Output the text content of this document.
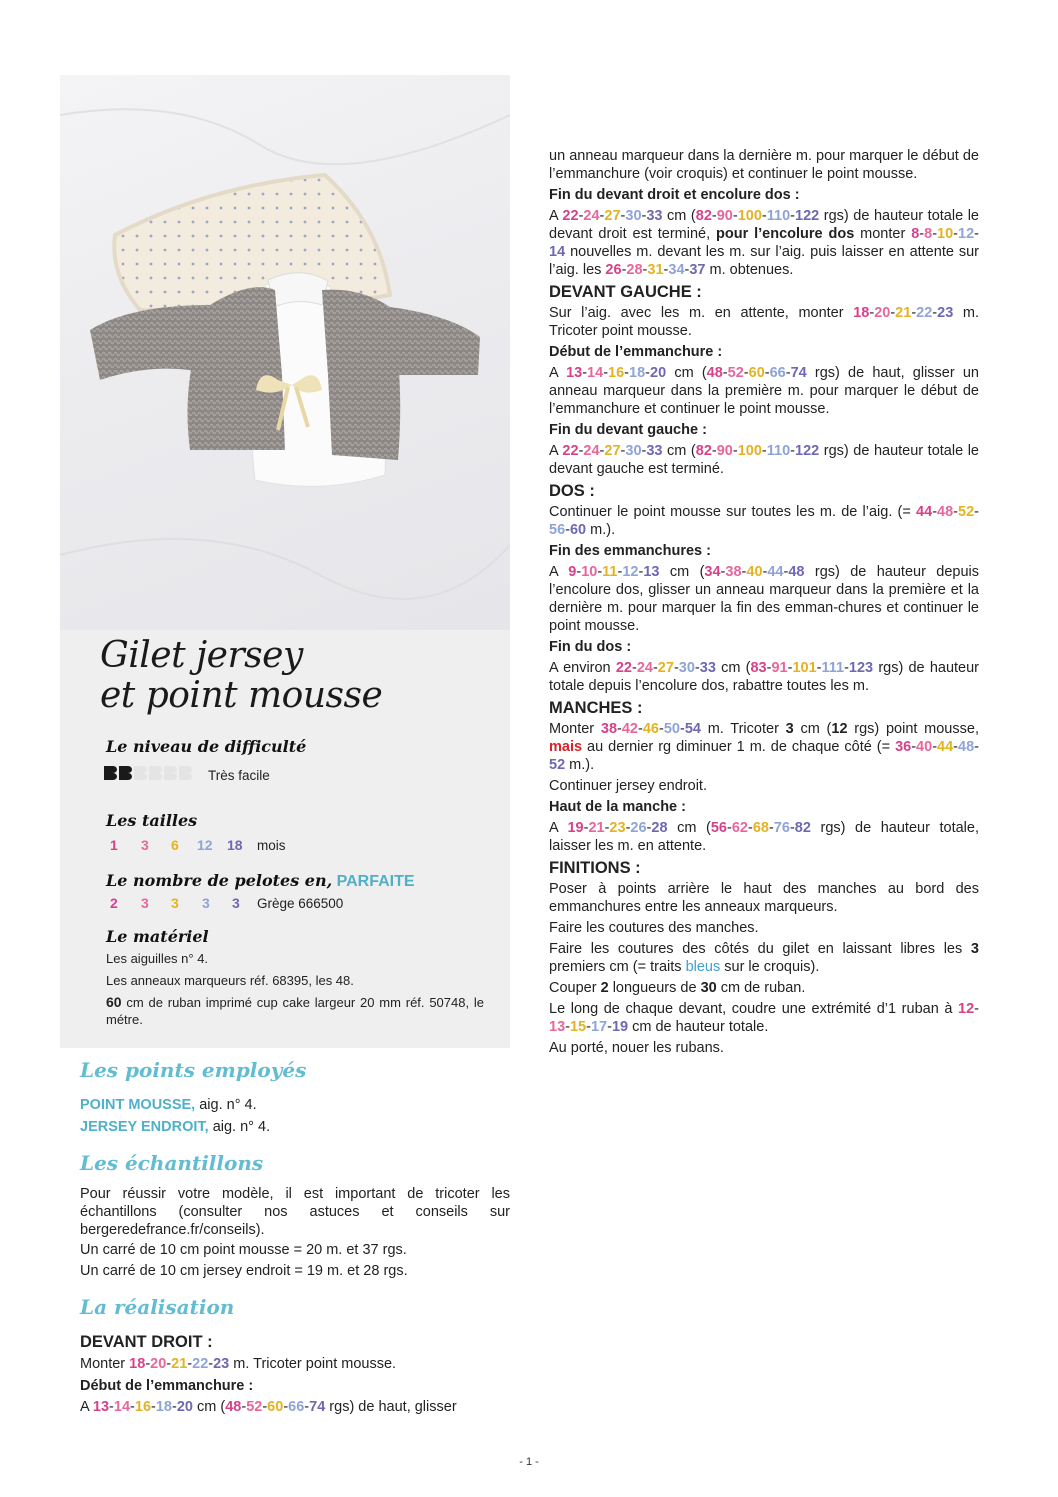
Gilet jersey
et point mousse
Le niveau de difficulté
Très facile
Les tailles
1 3 6 12 18 mois
Le nombre de pelotes en, PARFAITE
2 3 3 3 3 Grège 666500
Le matériel
Les aiguilles n° 4.
Les anneaux marqueurs réf. 68395, les 48.
60 cm de ruban imprimé cup cake largeur 20 mm réf. 50748, le métre.
Les points employés
POINT MOUSSE, aig. n° 4.
JERSEY ENDROIT, aig. n° 4.
Les échantillons
Pour réussir votre modèle, il est important de tricoter les échantillons (consulter nos astuces et conseils sur bergeredefrance.fr/conseils).
Un carré de 10 cm point mousse = 20 m. et 37 rgs.
Un carré de 10 cm jersey endroit = 19 m. et 28 rgs.
La réalisation
DEVANT DROIT :
Monter 18-20-21-22-23 m. Tricoter point mousse.
Début de l’emmanchure :
A 13-14-16-18-20 cm (48-52-60-66-74 rgs) de haut, glisser

un anneau marqueur dans la dernière m. pour marquer le début de l’emmanchure (voir croquis) et continuer le point mousse.

Fin du devant droit et encolure dos :

A 22-24-27-30-33 cm (82-90-100-110-122 rgs) de hauteur totale le devant droit est terminé, pour l’encolure dos monter 8-8-10-12-14 nouvelles m. devant les m. sur l’aig. puis laisser en attente sur l’aig. les 26-28-31-34-37 m. obtenues.

DEVANT GAUCHE :

Sur l’aig. avec les m. en attente, monter 18-20-21-22-23 m. Tricoter point mousse.

Début de l’emmanchure :

A 13-14-16-18-20 cm (48-52-60-66-74 rgs) de haut, glisser un anneau marqueur dans la première m. pour marquer le début de l’emmanchure et continuer le point mousse.

Fin du devant gauche :

A 22-24-27-30-33 cm (82-90-100-110-122 rgs) de hauteur totale le devant gauche est terminé.

DOS :

Continuer le point mousse sur toutes les m. de l’aig. (= 44-48-52-56-60 m.).

Fin des emmanchures :

A 9-10-11-12-13 cm (34-38-40-44-48 rgs) de hauteur depuis l’encolure dos, glisser un anneau marqueur dans la première et la dernière m. pour marquer la fin des emman-chures et continuer le point mousse.

Fin du dos :

A environ 22-24-27-30-33 cm (83-91-101-111-123 rgs) de hauteur totale depuis l’encolure dos, rabattre toutes les m.

MANCHES :

Monter 38-42-46-50-54 m. Tricoter 3 cm (12 rgs) point mousse, mais au dernier rg diminuer 1 m. de chaque côté (= 36-40-44-48-52 m.).

Continuer jersey endroit.

Haut de la manche :

A 19-21-23-26-28 cm (56-62-68-76-82 rgs) de hauteur totale, laisser les m. en attente.

FINITIONS :

Poser à points arrière le haut des manches au bord des emmanchures entre les anneaux marqueurs.

Faire les coutures des manches.

Faire les coutures des côtés du gilet en laissant libres les 3 premiers cm (= traits bleus sur le croquis).

Couper 2 longueurs de 30 cm de ruban.

Le long de chaque devant, coudre une extrémité d’1 ruban à 12-13-15-17-19 cm de hauteur totale.

Au porté, nouer les rubans.

- 1 -
